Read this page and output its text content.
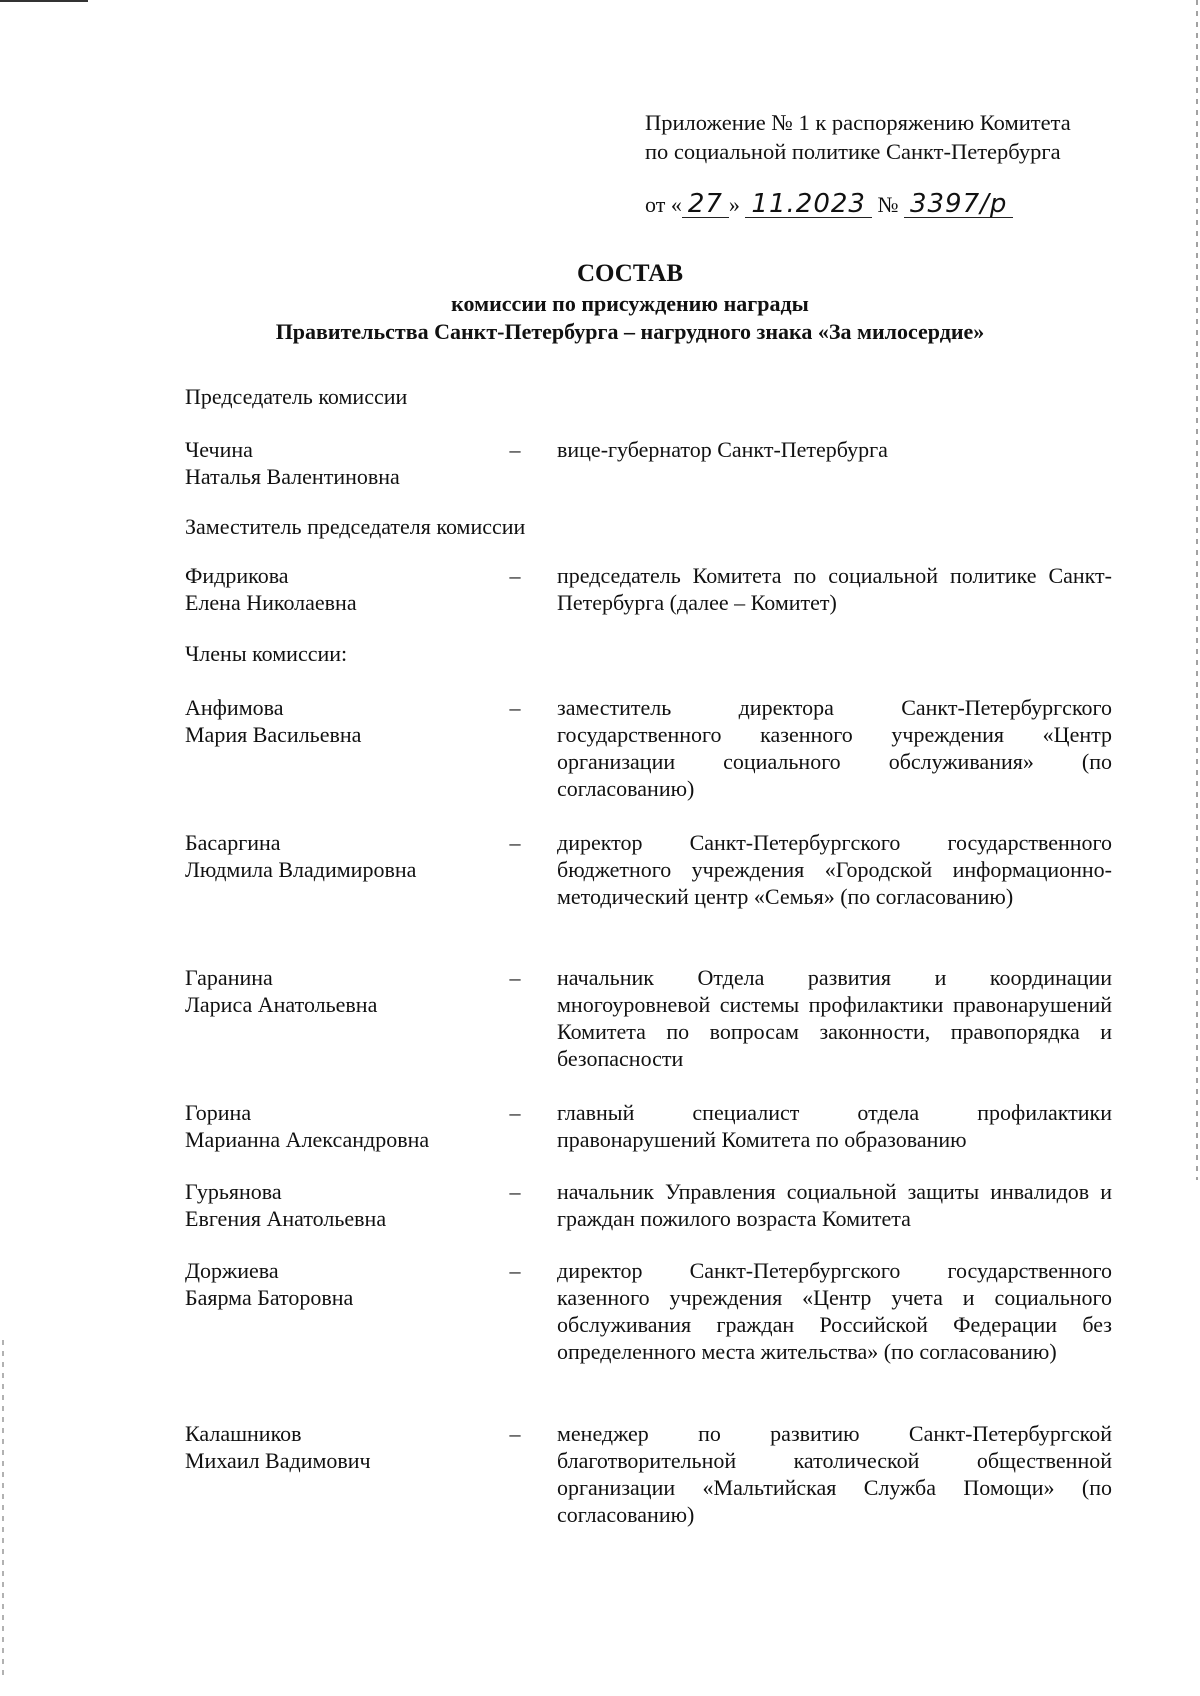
Приложение № 1 к распоряжению Комитета
по социальной политике Санкт-Петербурга
от « 27 » 11.2023 № 3397/р
СОСТАВ
комиссии по присуждению награды
Правительства Санкт-Петербурга – нагрудного знака «За милосердие»
Председатель комиссии
Чечина
Наталья Валентиновна
–	вице-губернатор Санкт-Петербурга
Заместитель председателя комиссии
Фидрикова
Елена Николаевна
–	председатель Комитета по социальной политике Санкт-Петербурга (далее – Комитет)
Члены комиссии:
Анфимова
Мария Васильевна
–	заместитель директора Санкт-Петербургского государственного казенного учреждения «Центр организации социального обслуживания» (по согласованию)
Басаргина
Людмила Владимировна
–	директор Санкт-Петербургского государственного бюджетного учреждения «Городской информационно-методический центр «Семья» (по согласованию)
Гаранина
Лариса Анатольевна
–	начальник Отдела развития и координации многоуровневой системы профилактики правонарушений Комитета по вопросам законности, правопорядка и безопасности
Горина
Марианна Александровна
–	главный специалист отдела профилактики правонарушений Комитета по образованию
Гурьянова
Евгения Анатольевна
–	начальник Управления социальной защиты инвалидов и граждан пожилого возраста Комитета
Доржиева
Баярма Баторовна
–	директор Санкт-Петербургского государственного казенного учреждения «Центр учета и социального обслуживания граждан Российской Федерации без определенного места жительства» (по согласованию)
Калашников
Михаил Вадимович
–	менеджер по развитию Санкт-Петербургской благотворительной католической общественной организации «Мальтийская Служба Помощи» (по согласованию)
